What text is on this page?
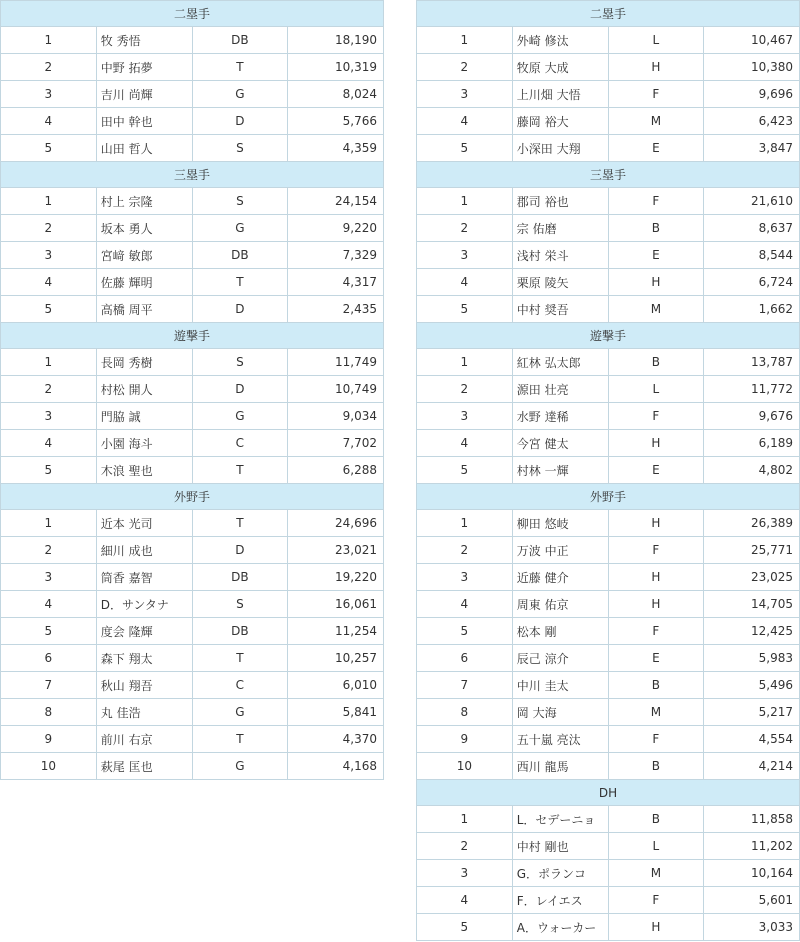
二塁手			
1	牧 秀悟	DB	18,190
2	中野 拓夢	T	10,319
3	吉川 尚輝	G	8,024
4	田中 幹也	D	5,766
5	山田 哲人	S	4,359
三塁手			
1	村上 宗隆	S	24,154
2	坂本 勇人	G	9,220
3	宮﨑 敏郎	DB	7,329
4	佐藤 輝明	T	4,317
5	高橋 周平	D	2,435
遊撃手			
1	長岡 秀樹	S	11,749
2	村松 開人	D	10,749
3	門脇 誠	G	9,034
4	小園 海斗	C	7,702
5	木浪 聖也	T	6,288
外野手			
1	近本 光司	T	24,696
2	細川 成也	D	23,021
3	筒香 嘉智	DB	19,220
4	D．サンタナ	S	16,061
5	度会 隆輝	DB	11,254
6	森下 翔太	T	10,257
7	秋山 翔吾	C	6,010
8	丸 佳浩	G	5,841
9	前川 右京	T	4,370
10	萩尾 匡也	G	4,168
二塁手			
1	外崎 修汰	L	10,467
2	牧原 大成	H	10,380
3	上川畑 大悟	F	9,696
4	藤岡 裕大	M	6,423
5	小深田 大翔	E	3,847
三塁手			
1	郡司 裕也	F	21,610
2	宗 佑磨	B	8,637
3	浅村 栄斗	E	8,544
4	栗原 陵矢	H	6,724
5	中村 奨吾	M	1,662
遊撃手			
1	紅林 弘太郎	B	13,787
2	源田 壮亮	L	11,772
3	水野 達稀	F	9,676
4	今宮 健太	H	6,189
5	村林 一輝	E	4,802
外野手			
1	柳田 悠岐	H	26,389
2	万波 中正	F	25,771
3	近藤 健介	H	23,025
4	周東 佑京	H	14,705
5	松本 剛	F	12,425
6	辰己 涼介	E	5,983
7	中川 圭太	B	5,496
8	岡 大海	M	5,217
9	五十嵐 亮汰	F	4,554
10	西川 龍馬	B	4,214
DH			
1	L．セデーニョ	B	11,858
2	中村 剛也	L	11,202
3	G．ポランコ	M	10,164
4	F．レイエス	F	5,601
5	A．ウォーカー	H	3,033
